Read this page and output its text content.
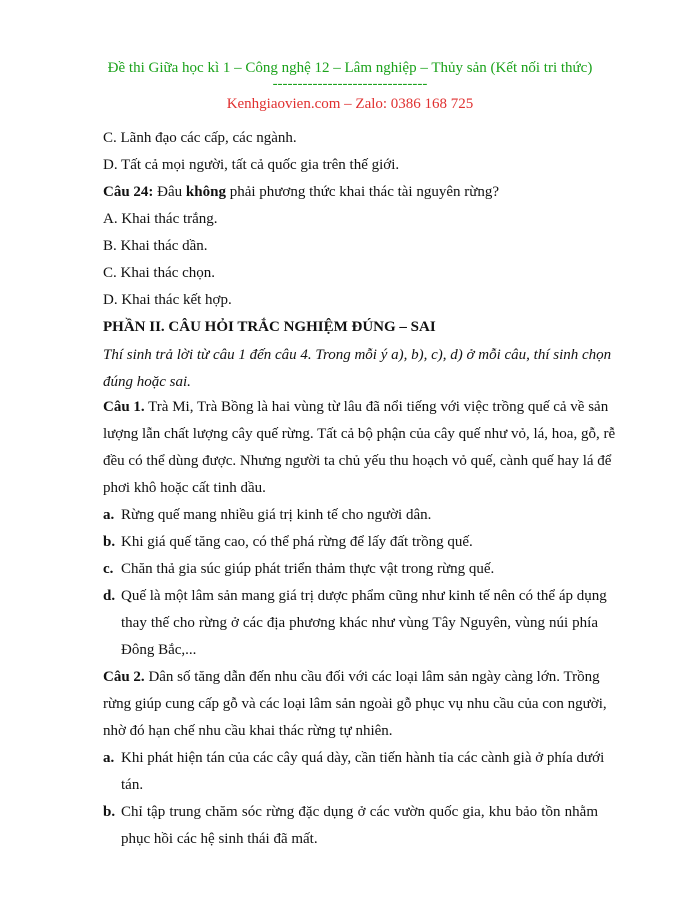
Đề thi Giữa học kì 1 – Công nghệ 12 – Lâm nghiệp – Thủy sản (Kết nối tri thức)
-------------------------------
Kenhgiaovien.com – Zalo: 0386 168 725
C. Lãnh đạo các cấp, các ngành.
D. Tất cả mọi người, tất cả quốc gia trên thế giới.
Câu 24: Đâu không phải phương thức khai thác tài nguyên rừng?
A. Khai thác trắng.
B. Khai thác dần.
C. Khai thác chọn.
D. Khai thác kết hợp.
PHẦN II. CÂU HỎI TRẮC NGHIỆM ĐÚNG – SAI
Thí sinh trả lời từ câu 1 đến câu 4. Trong mỗi ý a), b), c), d) ở mỗi câu, thí sinh chọn
đúng hoặc sai.
Câu 1. Trà Mi, Trà Bồng là hai vùng từ lâu đã nổi tiếng với việc trồng quế cả về sản
lượng lẫn chất lượng cây quế rừng. Tất cả bộ phận của cây quế như vỏ, lá, hoa, gỗ, rễ
đều có thể dùng được. Nhưng người ta chủ yếu thu hoạch vỏ quế, cành quế hay lá để
phơi khô hoặc cất tinh dầu.
a. Rừng quế mang nhiều giá trị kinh tế cho người dân.
b. Khi giá quế tăng cao, có thể phá rừng để lấy đất trồng quế.
c. Chăn thả gia súc giúp phát triển thảm thực vật trong rừng quế.
d. Quế là một lâm sản mang giá trị dược phẩm cũng như kinh tế nên có thể áp dụng
thay thế cho rừng ở các địa phương khác như vùng Tây Nguyên, vùng núi phía
Đông Bắc,...
Câu 2. Dân số tăng dẫn đến nhu cầu đối với các loại lâm sản ngày càng lớn. Trồng
rừng giúp cung cấp gỗ và các loại lâm sản ngoài gỗ phục vụ nhu cầu của con người,
nhờ đó hạn chế nhu cầu khai thác rừng tự nhiên.
a. Khi phát hiện tán của các cây quá dày, cần tiến hành tỉa các cành già ở phía dưới
tán.
b. Chỉ tập trung chăm sóc rừng đặc dụng ở các vườn quốc gia, khu bảo tồn nhằm
phục hồi các hệ sinh thái đã mất.
